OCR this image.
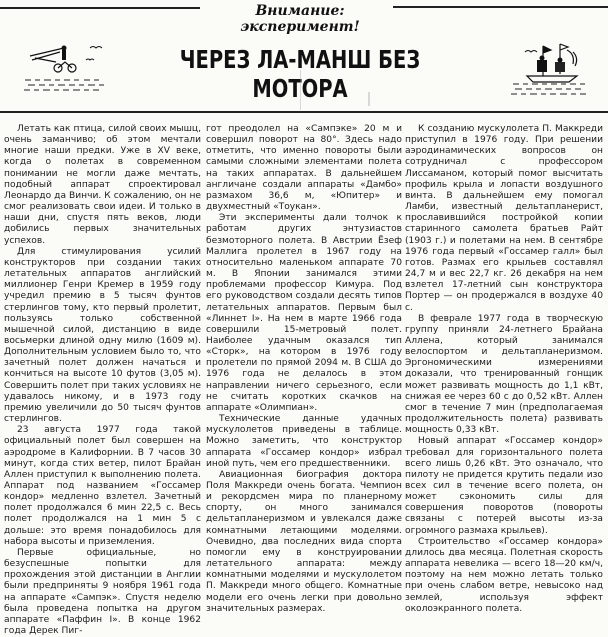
Внимание: эксперимент!
ЧЕРЕЗ ЛА-МАНШ БЕЗ МОТОРА

Летать как птица, силой своих мышц, очень заманчиво; об этом мечтали многие наши предки. Уже в XV веке, когда о полетах в современном понимании не могли даже мечтать, подобный аппарат спроектировал Леонардо да Винчи. К сожалению, он не смог реализовать свои идеи. И только в наши дни, спустя пять веков, люди добились первых значительных успехов.

Для стимулирования усилий конструкторов при создании таких летательных аппаратов английский миллионер Генри Кремер в 1959 году учредил премию в 5 тысяч фунтов стерлингов тому, кто первый пролетит, пользуясь только собственной мышечной силой, дистанцию в виде восьмерки длиной одну милю (1609 м). Дополнительным условием было то, что зачетный полет должен начаться и кончиться на высоте 10 футов (3,05 м). Совершить полет при таких условиях не удавалось никому, и в 1973 году премию увеличили до 50 тысяч фунтов стерлингов.

23 августа 1977 года такой официальный полет был совершен на аэродроме в Калифорнии. В 7 часов 30 минут, когда стих ветер, пилот Брайан Аллен приступил к выполнению полета. Аппарат под названием «Госсамер кондор» медленно взлетел. Зачетный полет продолжался 6 мин 22,5 с. Весь полет продолжался на 1 мин 5 с дольше: это время понадобилось для набора высоты и приземления.

Первые официальные, но безуспешные попытки для прохождения этой дистанции в Англии были предприняты 9 ноября 1961 года на аппарате «Сампэк». Спустя неделю была проведена попытка на другом аппарате «Паффин I». В конце 1962 года Дерек Пиг-

гот преодолел на «Сампэке» 20 м и совершил поворот на 80°. Здесь надо отметить, что именно повороты были самыми сложными элементами полета на таких аппаратах. В дальнейшем англичане создали аппараты «Дамбо» размахом 36,6 м, «Юпитер» и двухместный «Тоукан».

Эти эксперименты дали толчок к работам других энтузиастов безмоторного полета. В Австрии Ёзеф Маллига пролетел в 1967 году на относительно маленьком аппарате 70 м. В Японии занимался этими проблемами профессор Кимура. Под его руководством создали десять типов летательных аппаратов. Первым был «Линнет I». На нем в марте 1966 года совершили 15-метровый полет. Наиболее удачным оказался тип «Сторк», на котором в 1976 году пролетели по прямой 2094 м. В США до 1976 года не делалось в этом направлении ничего серьезного, если не считать коротких скачков на аппарате «Олимпиан».

Технические данные удачных мускулолетов приведены в таблице. Можно заметить, что конструктор аппарата «Госсамер кондор» избрал иной путь, чем его предшественники.

Авиационная биография доктора Поля Маккреди очень богата. Чемпион и рекордсмен мира по планерному спорту, он много занимался дельтапланеризмом и увлекался даже комнатными летающими моделями. Очевидно, два последних вида спорта помогли ему в конструировании летательного аппарата: между комнатными моделями и мускулолетом П. Маккреди много общего. Комнатные модели его очень легки при довольно значительных размерах.

К созданию мускулолета П. Маккреди приступил в 1976 году. При решении аэродинамических вопросов он сотрудничал с профессором Лиссаманом, который помог высчитать профиль крыла и лопасти воздушного винта. В дальнейшем ему помогал Ламби, известный дельтапланерист, прославившийся постройкой копии старинного самолета братьев Райт (1903 г.) и полетами на нем. В сентябре 1976 года первый «Госсамер галл» был готов. Размах его крыльев составлял 24,7 м и вес 22,7 кг. 26 декабря на нем взлетел 17-летний сын конструктора Портер — он продержался в воздухе 40 с.

В феврале 1977 года в творческую группу приняли 24-летнего Брайана Аллена, который занимался велоспортом и дельтапланеризмом. Эргономическими измерениями доказали, что тренированный гонщик может развивать мощность до 1,1 кВт, снижая ее через 60 с до 0,52 кВт. Аллен смог в течение 7 мин (предполагаемая продолжительность полета) развивать мощность 0,33 кВт.

Новый аппарат «Госсамер кондор» требовал для горизонтального полета всего лишь 0,26 кВт. Это означало, что пилоту не придется крутить педали изо всех сил в течение всего полета, он может сэкономить силы для совершения поворотов (повороты связаны с потерей высоты из-за огромного размаха крыльев).

Строительство «Госсамер кондора» длилось два месяца. Полетная скорость аппарата невелика — всего 18—20 км/ч, поэтому на нем можно летать только при очень слабом ветре, невысоко над землей, используя эффект околоэкранного полета.
